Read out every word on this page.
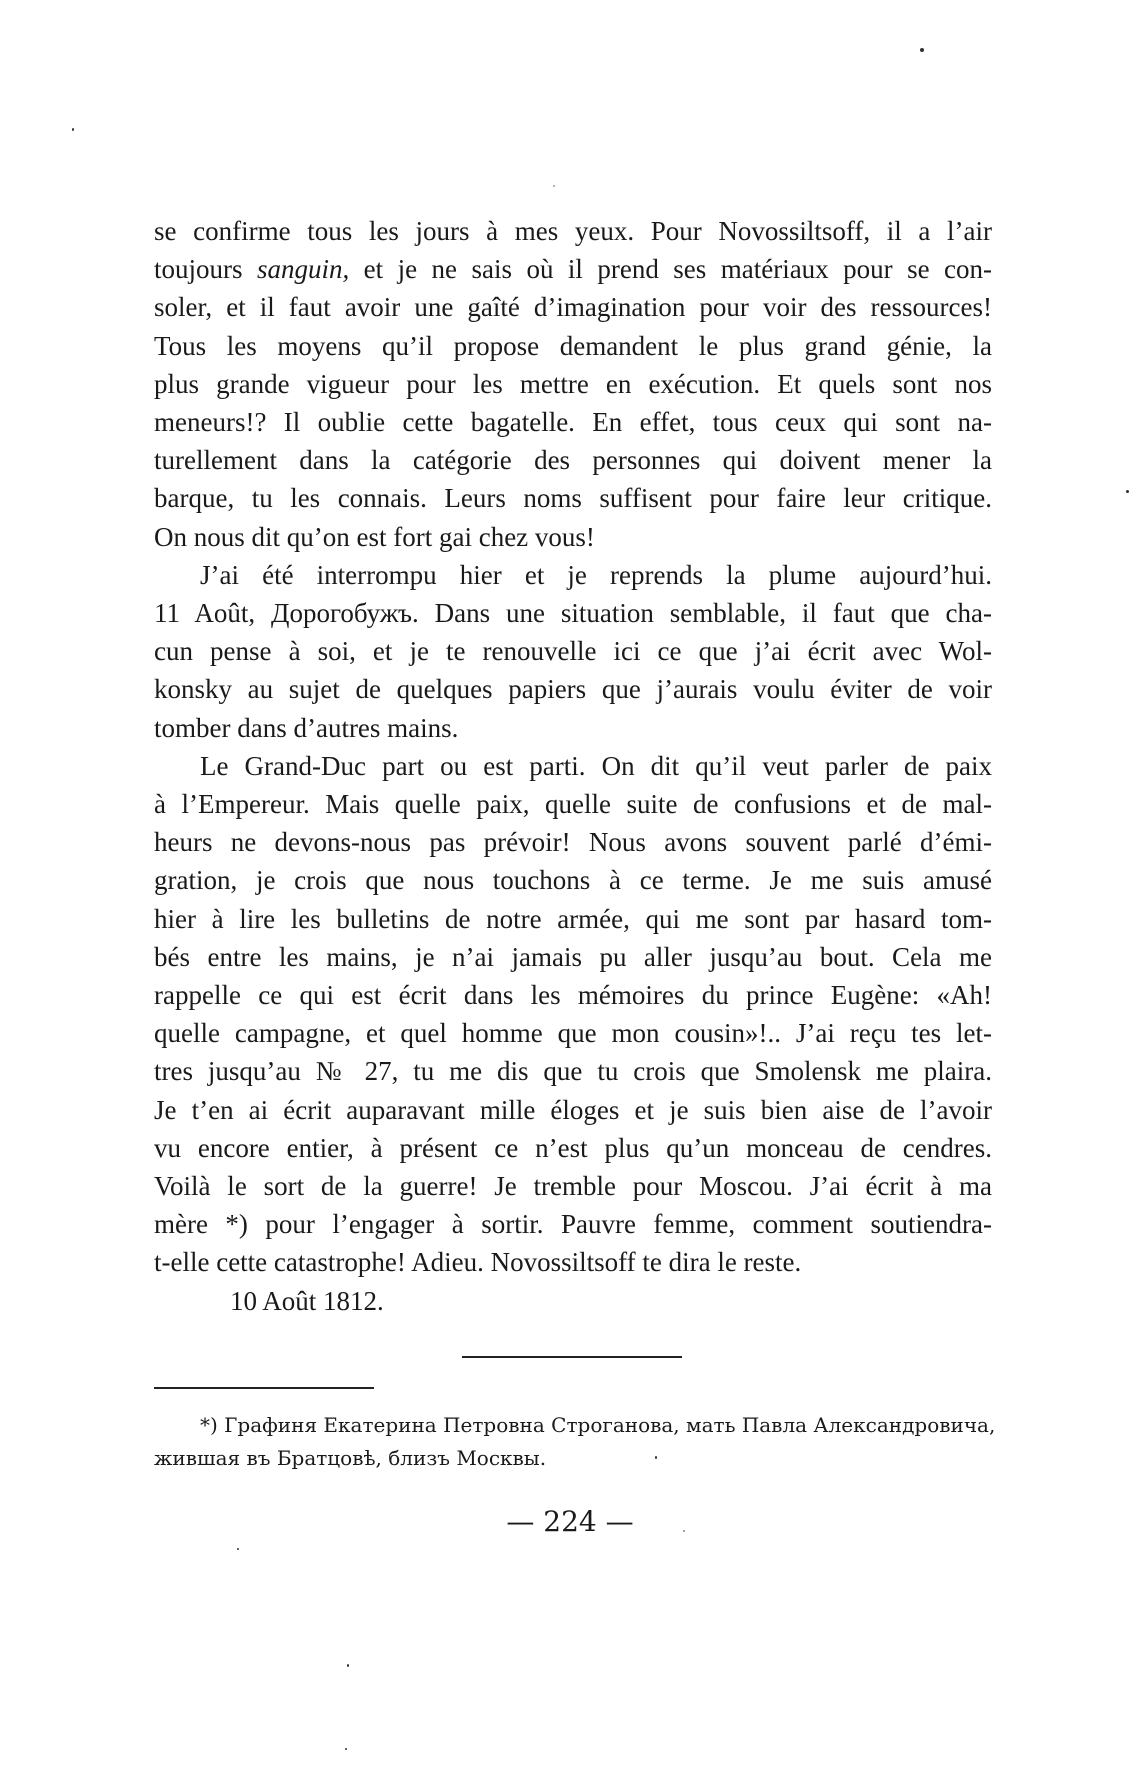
se confirme tous les jours à mes yeux. Pour Novossiltsoff, il a l’air
toujours sanguin, et je ne sais où il prend ses matériaux pour se con-
soler, et il faut avoir une gaîté d’imagination pour voir des ressources!
Tous les moyens qu’il propose demandent le plus grand génie, la
plus grande vigueur pour les mettre en exécution. Et quels sont nos
meneurs!? Il oublie cette bagatelle. En effet, tous ceux qui sont na-
turellement dans la catégorie des personnes qui doivent mener la
barque, tu les connais. Leurs noms suffisent pour faire leur critique.
On nous dit qu’on est fort gai chez vous!
J’ai été interrompu hier et je reprends la plume aujourd’hui.
11 Août, Дорогобужъ. Dans une situation semblable, il faut que cha-
cun pense à soi, et je te renouvelle ici ce que j’ai écrit avec Wol-
konsky au sujet de quelques papiers que j’aurais voulu éviter de voir
tomber dans d’autres mains.
Le Grand-Duc part ou est parti. On dit qu’il veut parler de paix
à l’Empereur. Mais quelle paix, quelle suite de confusions et de mal-
heurs ne devons-nous pas prévoir! Nous avons souvent parlé d’émi-
gration, je crois que nous touchons à ce terme. Je me suis amusé
hier à lire les bulletins de notre armée, qui me sont par hasard tom-
bés entre les mains, je n’ai jamais pu aller jusqu’au bout. Cela me
rappelle ce qui est écrit dans les mémoires du prince Eugène: «Ah!
quelle campagne, et quel homme que mon cousin»!.. J’ai reçu tes let-
tres jusqu’au № 27, tu me dis que tu crois que Smolensk me plaira.
Je t’en ai écrit auparavant mille éloges et je suis bien aise de l’avoir
vu encore entier, à présent ce n’est plus qu’un monceau de cendres.
Voilà le sort de la guerre! Je tremble pour Moscou. J’ai écrit à ma
mère *) pour l’engager à sortir. Pauvre femme, comment soutiendra-
t-elle cette catastrophe! Adieu. Novossiltsoff te dira le reste.
10 Août 1812.
*) Графиня Екатерина Петровна Строганова, мать Павла Александровича,
жившая въ Братцовѣ, близъ Москвы.
— 224 —
